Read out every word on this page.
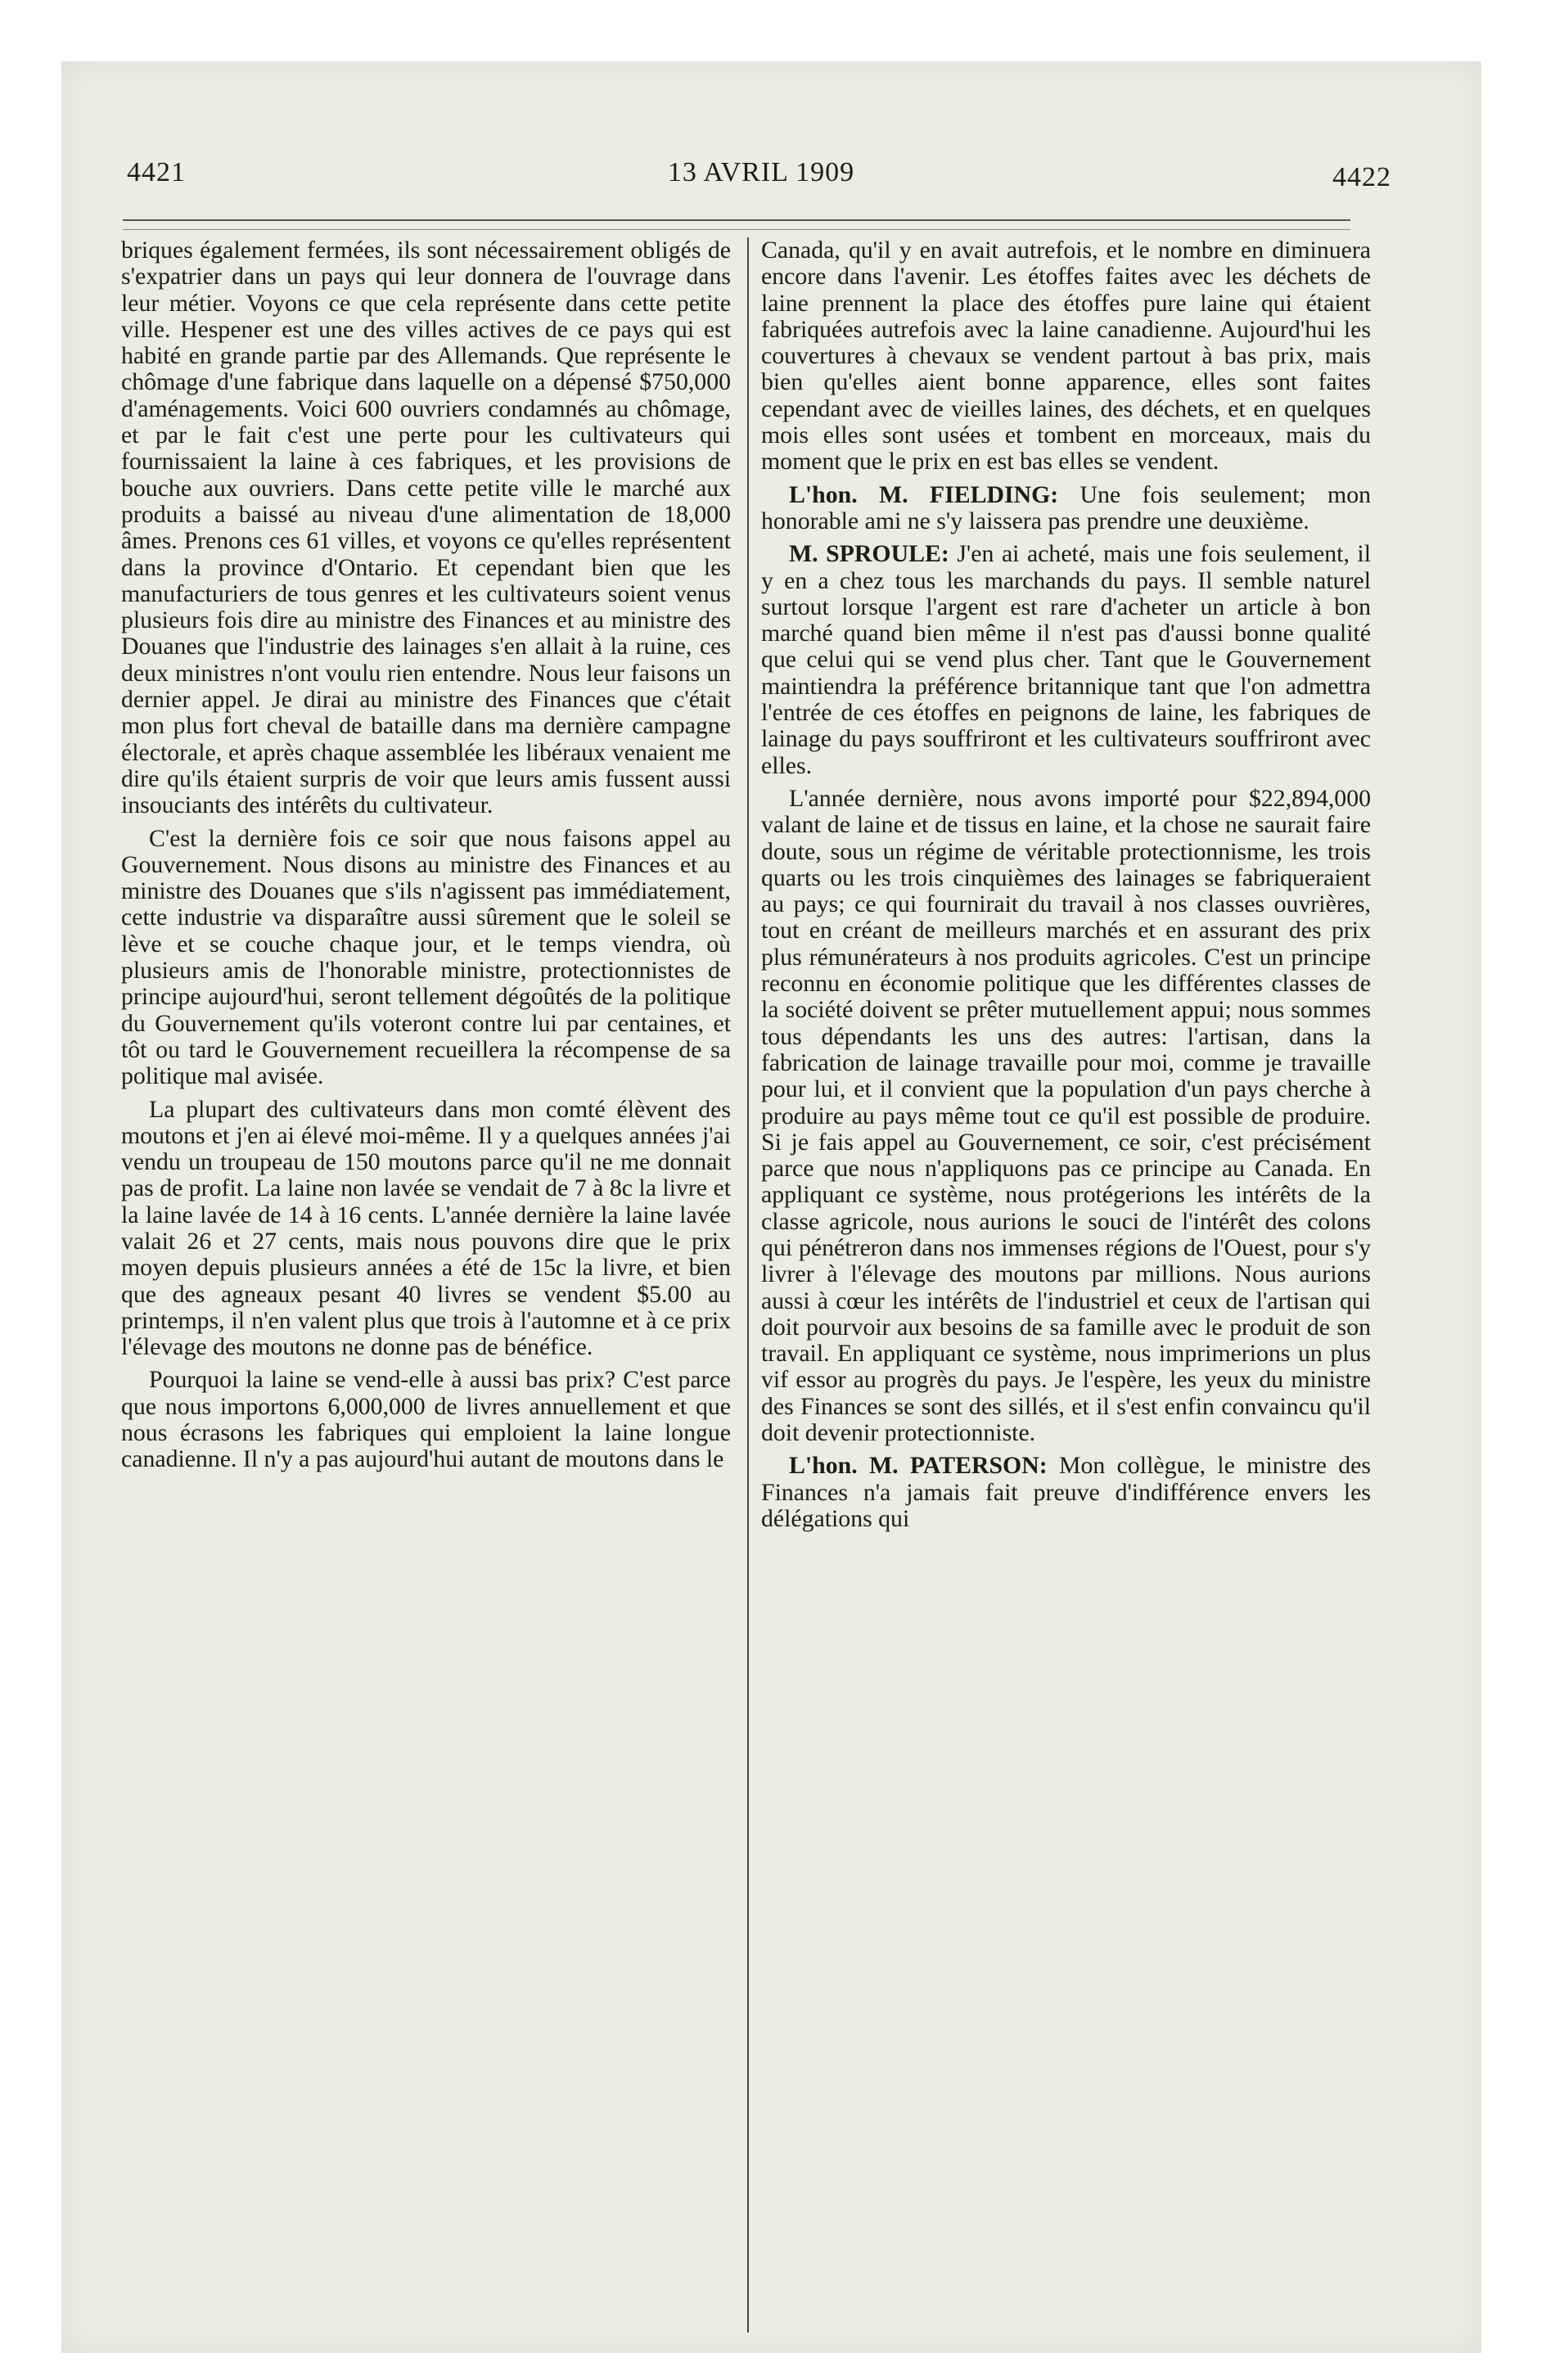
4421	13 AVRIL 1909	4422

briques également fermées, ils sont nécessairement obligés de s'expatrier dans un pays qui leur donnera de l'ouvrage dans leur métier. Voyons ce que cela représente dans cette petite ville. Hespener est une des villes actives de ce pays qui est habité en grande partie par des Allemands. Que représente le chômage d'une fabrique dans laquelle on a dépensé $750,000 d'aménagements. Voici 600 ouvriers condamnés au chômage, et par le fait c'est une perte pour les cultivateurs qui fournissaient la laine à ces fabriques, et les provisions de bouche aux ouvriers. Dans cette petite ville le marché aux produits a baissé au niveau d'une alimentation de 18,000 âmes. Prenons ces 61 villes, et voyons ce qu'elles représentent dans la province d'Ontario. Et cependant bien que les manufacturiers de tous genres et les cultivateurs soient venus plusieurs fois dire au ministre des Finances et au ministre des Douanes que l'industrie des lainages s'en allait à la ruine, ces deux ministres n'ont voulu rien entendre. Nous leur faisons un dernier appel. Je dirai au ministre des Finances que c'était mon plus fort cheval de bataille dans ma dernière campagne électorale, et après chaque assemblée les libéraux venaient me dire qu'ils étaient surpris de voir que leurs amis fussent aussi insouciants des intérêts du cultivateur.

C'est la dernière fois ce soir que nous faisons appel au Gouvernement. Nous disons au ministre des Finances et au ministre des Douanes que s'ils n'agissent pas immédiatement, cette industrie va disparaître aussi sûrement que le soleil se lève et se couche chaque jour, et le temps viendra, où plusieurs amis de l'honorable ministre, protectionnistes de principe aujourd'hui, seront tellement dégoûtés de la politique du Gouvernement qu'ils voteront contre lui par centaines, et tôt ou tard le Gouvernement recueillera la récompense de sa politique mal avisée.

La plupart des cultivateurs dans mon comté élèvent des moutons et j'en ai élevé moi-même. Il y a quelques années j'ai vendu un troupeau de 150 moutons parce qu'il ne me donnait pas de profit. La laine non lavée se vendait de 7 à 8c la livre et la laine lavée de 14 à 16 cents. L'année dernière la laine lavée valait 26 et 27 cents, mais nous pouvons dire que le prix moyen depuis plusieurs années a été de 15c la livre, et bien que des agneaux pesant 40 livres se vendent $5.00 au printemps, il n'en valent plus que trois à l'automne et à ce prix l'élevage des moutons ne donne pas de bénéfice.

Pourquoi la laine se vend-elle à aussi bas prix? C'est parce que nous importons 6,000,000 de livres annuellement et que nous écrasons les fabriques qui emploient la laine longue canadienne. Il n'y a pas aujourd'hui autant de moutons dans le

Canada, qu'il y en avait autrefois, et le nombre en diminuera encore dans l'avenir. Les étoffes faites avec les déchets de laine prennent la place des étoffes pure laine qui étaient fabriquées autrefois avec la laine canadienne. Aujourd'hui les couvertures à chevaux se vendent partout à bas prix, mais bien qu'elles aient bonne apparence, elles sont faites cependant avec de vieilles laines, des déchets, et en quelques mois elles sont usées et tombent en morceaux, mais du moment que le prix en est bas elles se vendent.

L'hon. M. FIELDING: Une fois seulement; mon honorable ami ne s'y laissera pas prendre une deuxième.

M. SPROULE: J'en ai acheté, mais une fois seulement, il y en a chez tous les marchands du pays. Il semble naturel surtout lorsque l'argent est rare d'acheter un article à bon marché quand bien même il n'est pas d'aussi bonne qualité que celui qui se vend plus cher. Tant que le Gouvernement maintiendra la préférence britannique tant que l'on admettra l'entrée de ces étoffes en peignons de laine, les fabriques de lainage du pays souffriront et les cultivateurs souffriront avec elles.

L'année dernière, nous avons importé pour $22,894,000 valant de laine et de tissus en laine, et la chose ne saurait faire doute, sous un régime de véritable protectionnisme, les trois quarts ou les trois cinquièmes des lainages se fabriqueraient au pays; ce qui fournirait du travail à nos classes ouvrières, tout en créant de meilleurs marchés et en assurant des prix plus rémunérateurs à nos produits agricoles. C'est un principe reconnu en économie politique que les différentes classes de la société doivent se prêter mutuellement appui; nous sommes tous dépendants les uns des autres: l'artisan, dans la fabrication de lainage travaille pour moi, comme je travaille pour lui, et il convient que la population d'un pays cherche à produire au pays même tout ce qu'il est possible de produire. Si je fais appel au Gouvernement, ce soir, c'est précisément parce que nous n'appliquons pas ce principe au Canada. En appliquant ce système, nous protégerions les intérêts de la classe agricole, nous aurions le souci de l'intérêt des colons qui pénétreron dans nos immenses régions de l'Ouest, pour s'y livrer à l'élevage des moutons par millions. Nous aurions aussi à cœur les intérêts de l'industriel et ceux de l'artisan qui doit pourvoir aux besoins de sa famille avec le produit de son travail. En appliquant ce système, nous imprimerions un plus vif essor au progrès du pays. Je l'espère, les yeux du ministre des Finances se sont des sillés, et il s'est enfin convaincu qu'il doit devenir protectionniste.

L'hon. M. PATERSON: Mon collègue, le ministre des Finances n'a jamais fait preuve d'indifférence envers les délégations qui
